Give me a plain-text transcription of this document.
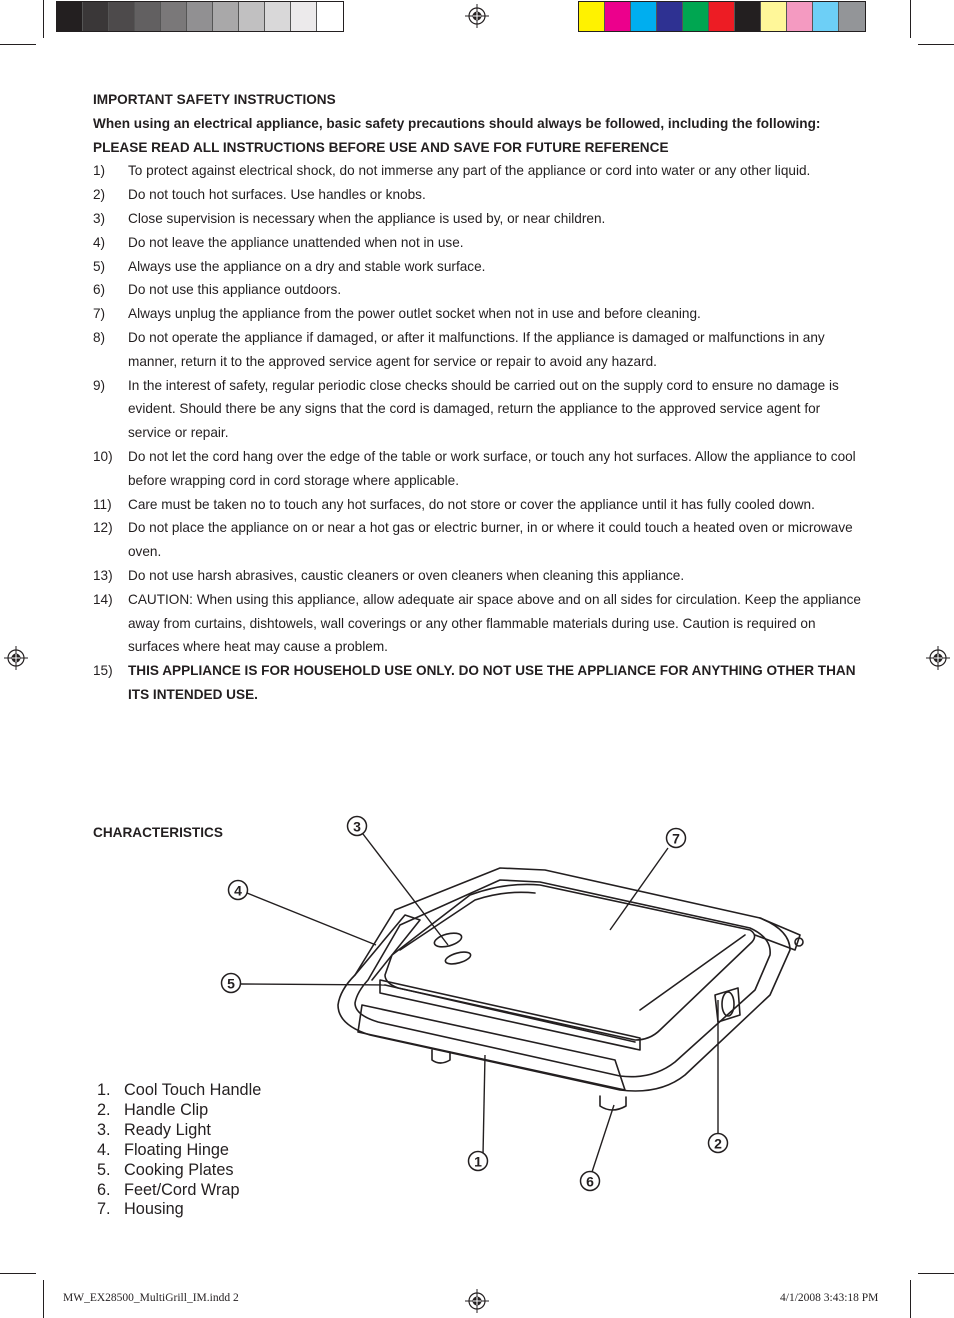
IMPORTANT SAFETY INSTRUCTIONS
When using an electrical appliance, basic safety precautions should always be followed, including the following:
PLEASE READ ALL INSTRUCTIONS BEFORE USE AND SAVE FOR FUTURE REFERENCE
1)	To protect against electrical shock, do not immerse any part of the appliance or cord into water or any other liquid.
2)	Do not touch hot surfaces. Use handles or knobs.
3)	Close supervision is necessary when the appliance is used by, or near children.
4)	Do not leave the appliance unattended when not in use.
5)	Always use the appliance on a dry and stable work surface.
6)	Do not use this appliance outdoors.
7)	Always unplug the appliance from the power outlet socket when not in use and before cleaning.
8)	Do not operate the appliance if damaged, or after it malfunctions. If the appliance is damaged or malfunctions in any manner, return it to the approved service agent for service or repair to avoid any hazard.
9)	In the interest of safety, regular periodic close checks should be carried out on the supply cord to ensure no damage is evident. Should there be any signs that the cord is damaged, return the appliance to the approved service agent for service or repair.
10)	Do not let the cord hang over the edge of the table or work surface, or touch any hot surfaces. Allow the appliance to cool before wrapping cord in cord storage where applicable.
11)	Care must be taken no to touch any hot surfaces, do not store or cover the appliance until it has fully cooled down.
12)	Do not place the appliance on or near a hot gas or electric burner, in or where it could touch a heated oven or microwave oven.
13)	Do not use harsh abrasives, caustic cleaners or oven cleaners when cleaning this appliance.
14)	CAUTION: When using this appliance, allow adequate air space above and on all sides for circulation. Keep the appliance away from curtains, dishtowels, wall coverings or any other flammable materials during use. Caution is required on surfaces where heat may cause a problem.
15)	THIS APPLIANCE IS FOR HOUSEHOLD USE ONLY. DO NOT USE THE APPLIANCE FOR ANYTHING OTHER THAN ITS INTENDED USE.
CHARACTERISTICS
1
2
3
4
5
6
7
1. Cool Touch Handle
2. Handle Clip
3. Ready Light
4. Floating Hinge
5. Cooking Plates
6. Feet/Cord Wrap
7. Housing
MW_EX28500_MultiGrill_IM.indd 2	4/1/2008 3:43:18 PM
